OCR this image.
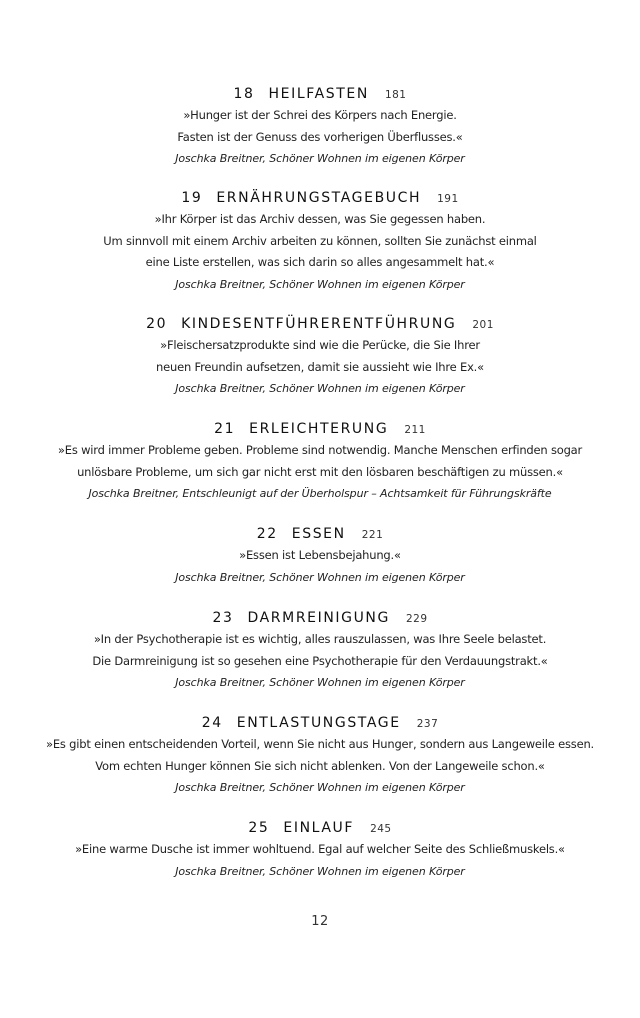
18 HEILFASTEN 181
»Hunger ist der Schrei des Körpers nach Energie.
Fasten ist der Genuss des vorherigen Überflusses.«
Joschka Breitner, Schöner Wohnen im eigenen Körper
19 ERNÄHRUNGSTAGEBUCH 191
»Ihr Körper ist das Archiv dessen, was Sie gegessen haben.
Um sinnvoll mit einem Archiv arbeiten zu können, sollten Sie zunächst einmal
eine Liste erstellen, was sich darin so alles angesammelt hat.«
Joschka Breitner, Schöner Wohnen im eigenen Körper
20 KINDESENTFÜHRERENTFÜHRUNG 201
»Fleischersatzprodukte sind wie die Perücke, die Sie Ihrer
neuen Freundin aufsetzen, damit sie aussieht wie Ihre Ex.«
Joschka Breitner, Schöner Wohnen im eigenen Körper
21 ERLEICHTERUNG 211
»Es wird immer Probleme geben. Probleme sind notwendig. Manche Menschen erfinden sogar
unlösbare Probleme, um sich gar nicht erst mit den lösbaren beschäftigen zu müssen.«
Joschka Breitner, Entschleunigt auf der Überholspur – Achtsamkeit für Führungskräfte
22 ESSEN 221
»Essen ist Lebensbejahung.«
Joschka Breitner, Schöner Wohnen im eigenen Körper
23 DARMREINIGUNG 229
»In der Psychotherapie ist es wichtig, alles rauszulassen, was Ihre Seele belastet.
Die Darmreinigung ist so gesehen eine Psychotherapie für den Verdauungstrakt.«
Joschka Breitner, Schöner Wohnen im eigenen Körper
24 ENTLASTUNGSTAGE 237
»Es gibt einen entscheidenden Vorteil, wenn Sie nicht aus Hunger, sondern aus Langeweile essen.
Vom echten Hunger können Sie sich nicht ablenken. Von der Langeweile schon.«
Joschka Breitner, Schöner Wohnen im eigenen Körper
25 EINLAUF 245
»Eine warme Dusche ist immer wohltuend. Egal auf welcher Seite des Schließmuskels.«
Joschka Breitner, Schöner Wohnen im eigenen Körper
12
